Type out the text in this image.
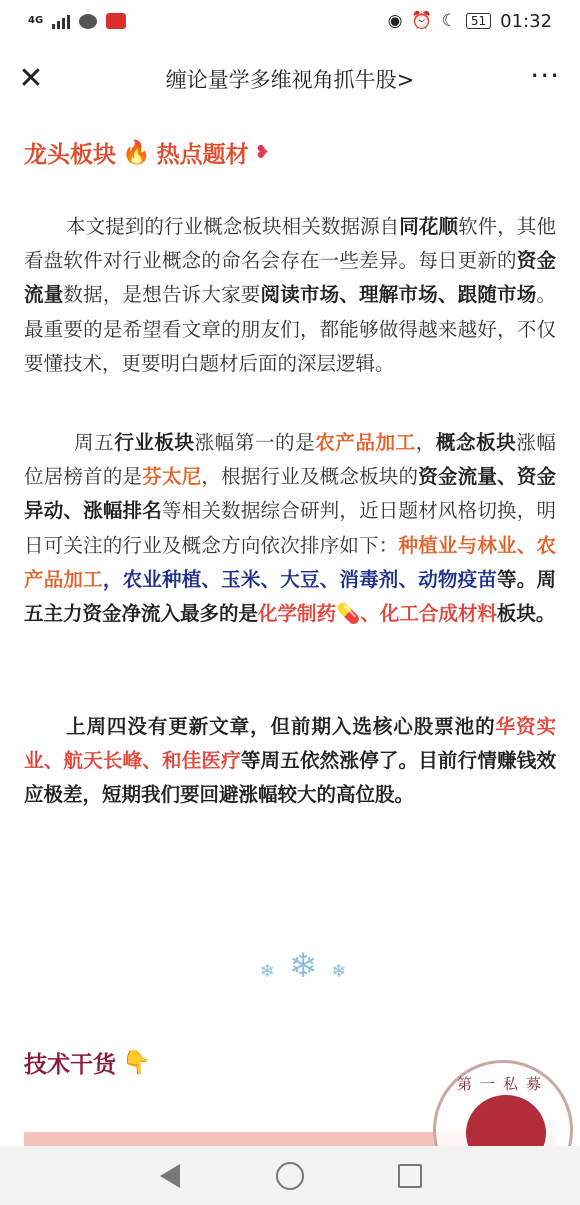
4G	◉ ⏰ ☾	51 01:32
✕	缠论量学多维视角抓牛股>	···
龙头板块 🔥 热点题材 ❥
本文提到的行业概念板块相关数据源自同花顺软件，其他看盘软件对行业概念的命名会存在一些差异。每日更新的资金流量数据，是想告诉大家要阅读市场、理解市场、跟随市场。最重要的是希望看文章的朋友们，都能够做得越来越好，不仅要懂技术，更要明白题材后面的深层逻辑。
周五行业板块涨幅第一的是农产品加工，概念板块涨幅位居榜首的是芬太尼，根据行业及概念板块的资金流量、资金异动、涨幅排名等相关数据综合研判，近日题材风格切换，明日可关注的行业及概念方向依次排序如下：种植业与林业、农产品加工，农业种植、玉米、大豆、消毒剂、动物疫苗等。周五主力资金净流入最多的是化学制药💊、化工合成材料板块。
上周四没有更新文章，但前期入选核心股票池的华资实业、航天长峰、和佳医疗等周五依然涨停了。目前行情赚钱效应极差，短期我们要回避涨幅较大的高位股。
❄❄❄
技术干货 👇
第一私募
